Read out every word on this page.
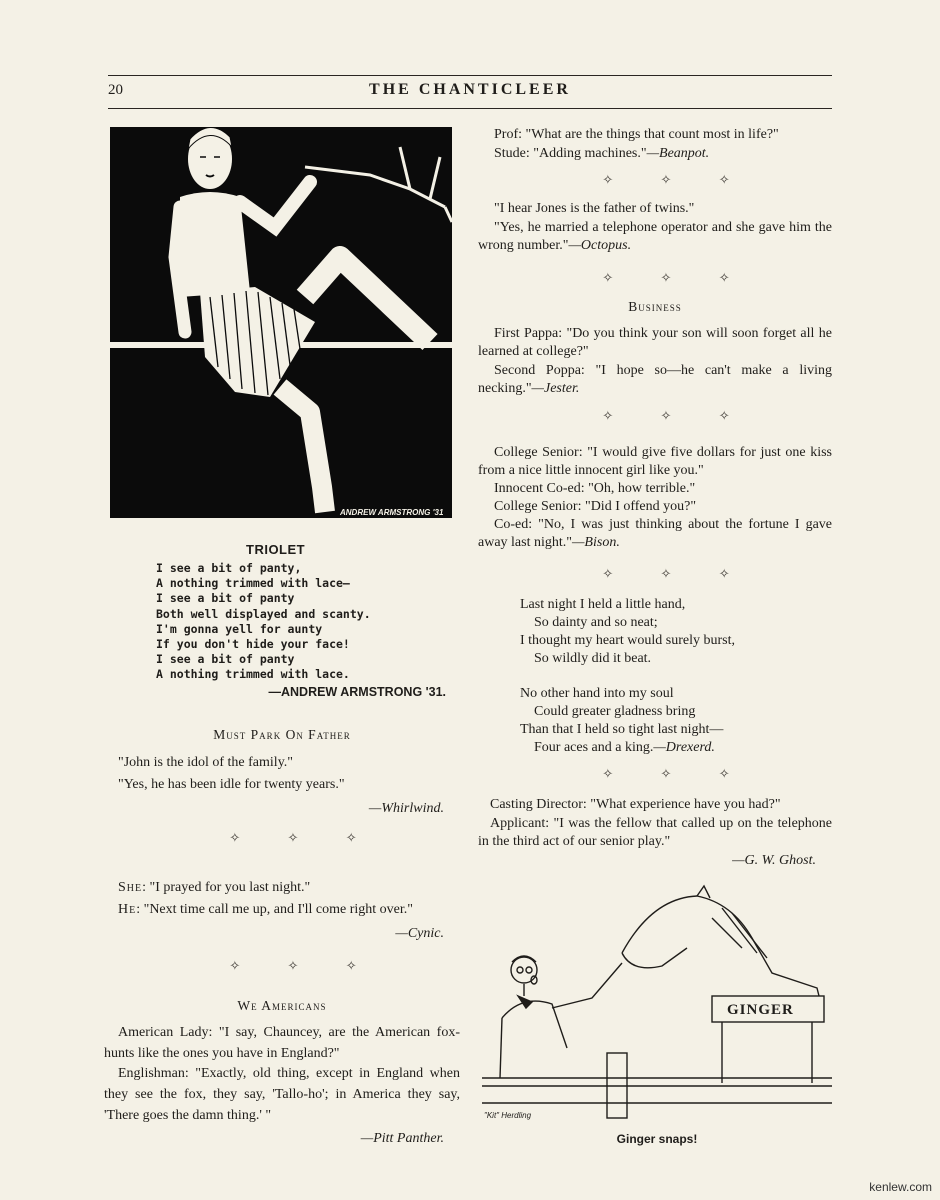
20	THE CHANTICLEER
ANDREW ARMSTRONG '31

TRIOLET

I see a bit of panty,
A nothing trimmed with lace—
I see a bit of panty
Both well displayed and scanty.
I'm gonna yell for aunty
If you don't hide your face!
I see a bit of panty
A nothing trimmed with lace.

—ANDREW ARMSTRONG '31.

Must Park On Father

"John is the idol of the family."

"Yes, he has been idle for twenty years."

—Whirlwind.

✧ ✧ ✧

She: "I prayed for you last night."

He: "Next time call me up, and I'll come right over."

—Cynic.

✧ ✧ ✧

We Americans

American Lady: "I say, Chauncey, are the American fox-hunts like the ones you have in England?"

Englishman: "Exactly, old thing, except in England when they see the fox, they say, 'Tallo-ho'; in America they say, 'There goes the damn thing.' "

—Pitt Panther.

Prof: "What are the things that count most in life?"

Stude: "Adding machines."—Beanpot.

✧ ✧ ✧

"I hear Jones is the father of twins."

"Yes, he married a telephone operator and she gave him the wrong number."—Octopus.

✧ ✧ ✧

Business

First Pappa: "Do you think your son will soon forget all he learned at college?"

Second Poppa: "I hope so—he can't make a living necking."—Jester.

✧ ✧ ✧

College Senior: "I would give five dollars for just one kiss from a nice little innocent girl like you."

Innocent Co-ed: "Oh, how terrible."

College Senior: "Did I offend you?"

Co-ed: "No, I was just thinking about the fortune I gave away last night."—Bison.

✧ ✧ ✧

Last night I held a little hand,

So dainty and so neat;

I thought my heart would surely burst,

So wildly did it beat.

No other hand into my soul

Could greater gladness bring

Than that I held so tight last night—

Four aces and a king.—Drexerd.

✧ ✧ ✧

Casting Director: "What experience have you had?"

Applicant: "I was the fellow that called up on the telephone in the third act of our senior play."

—G. W. Ghost.

GINGER
"Kit" Herdling
Ginger snaps!
kenlew.com
